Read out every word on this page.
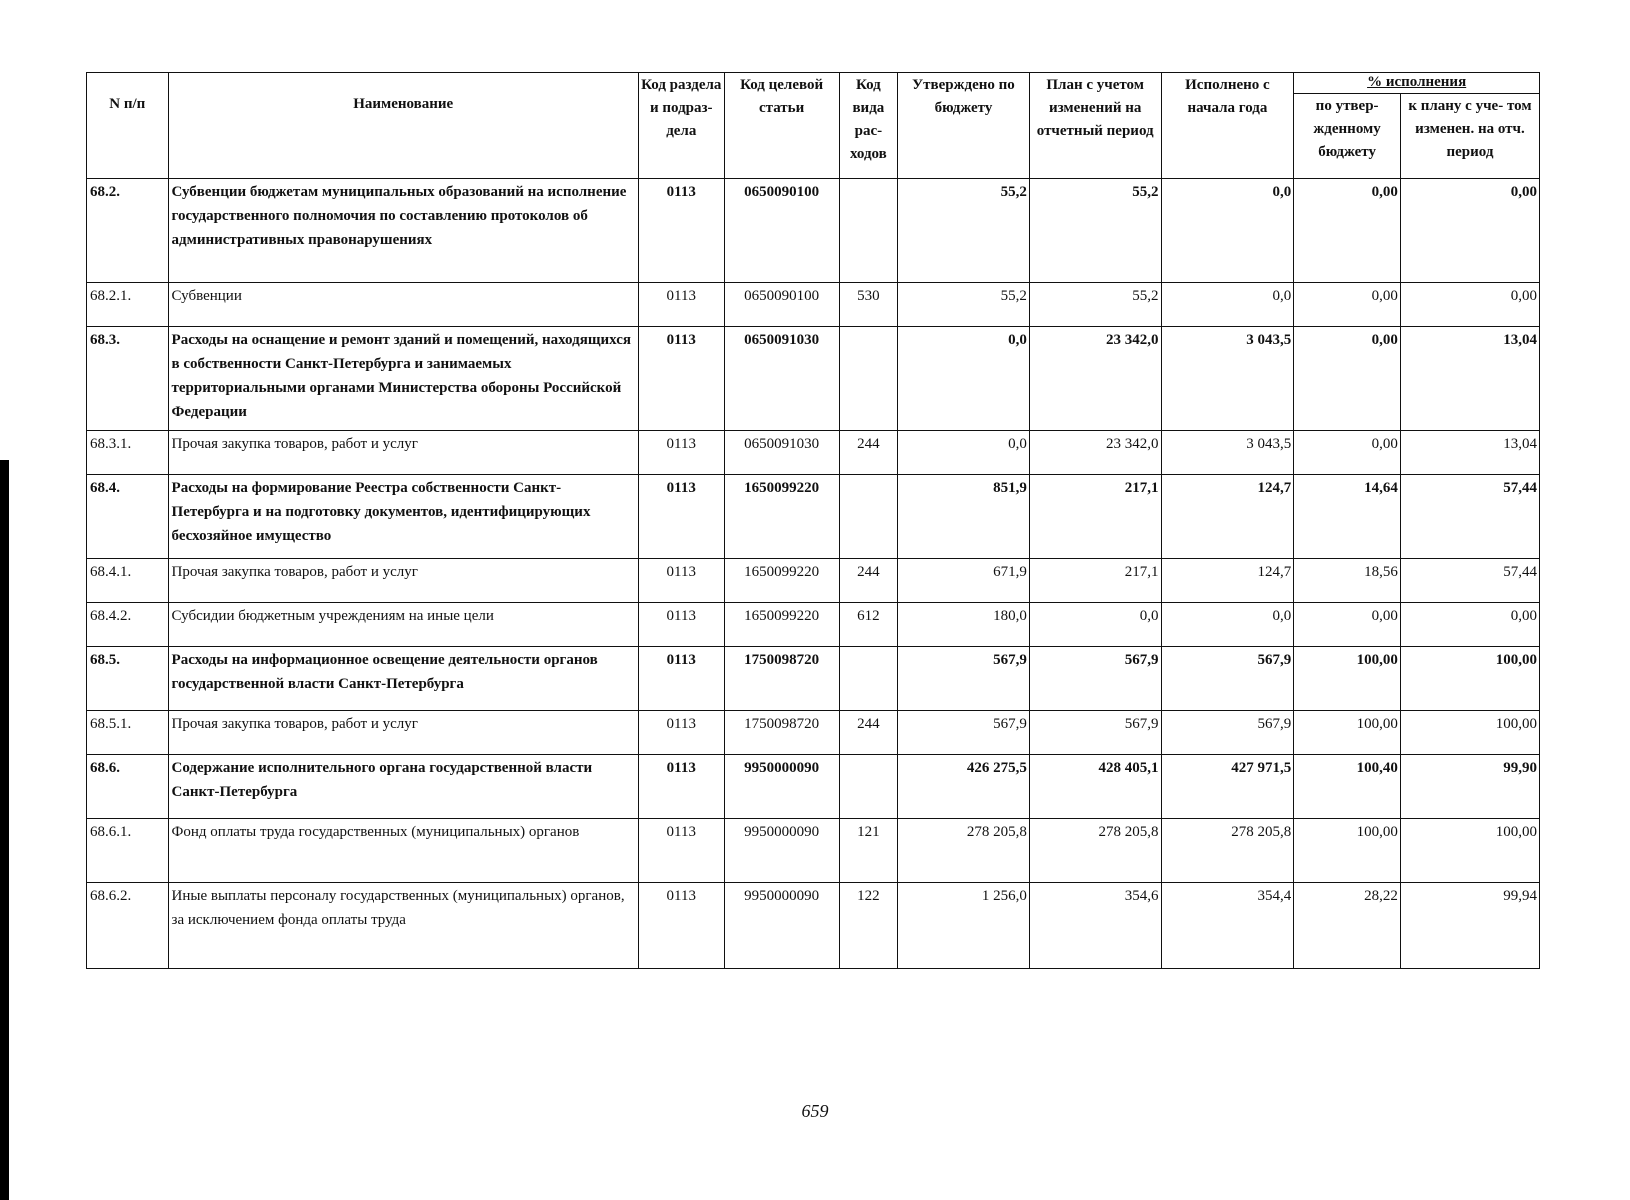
N п/п	Наименование	Код раздела и подраз- дела	Код целевой статьи	Код вида рас- ходов	Утверждено по бюджету	План с учетом изменений на отчетный период	Исполнено с начала года	% исполнения	
								по утвер- жденному бюджету	к плану с уче- том изменен. на отч. период
68.2.	Субвенции бюджетам муниципальных образований на исполнение государственного полномочия по составлению протоколов об административных правонарушениях	0113	0650090100		55,2	55,2	0,0	0,00	0,00
68.2.1.	Субвенции	0113	0650090100	530	55,2	55,2	0,0	0,00	0,00
68.3.	Расходы на оснащение и ремонт зданий и помещений, находящихся в собственности Санкт-Петербурга и занимаемых территориальными органами Министерства обороны Российской Федерации	0113	0650091030		0,0	23 342,0	3 043,5	0,00	13,04
68.3.1.	Прочая закупка товаров, работ и услуг	0113	0650091030	244	0,0	23 342,0	3 043,5	0,00	13,04
68.4.	Расходы на формирование Реестра собственности Санкт-Петербурга и на подготовку документов, идентифицирующих бесхозяйное имущество	0113	1650099220		851,9	217,1	124,7	14,64	57,44
68.4.1.	Прочая закупка товаров, работ и услуг	0113	1650099220	244	671,9	217,1	124,7	18,56	57,44
68.4.2.	Субсидии бюджетным учреждениям на иные цели	0113	1650099220	612	180,0	0,0	0,0	0,00	0,00
68.5.	Расходы на информационное освещение деятельности органов государственной власти Санкт-Петербурга	0113	1750098720		567,9	567,9	567,9	100,00	100,00
68.5.1.	Прочая закупка товаров, работ и услуг	0113	1750098720	244	567,9	567,9	567,9	100,00	100,00
68.6.	Содержание исполнительного органа государственной власти Санкт-Петербурга	0113	9950000090		426 275,5	428 405,1	427 971,5	100,40	99,90
68.6.1.	Фонд оплаты труда государственных (муниципальных) органов	0113	9950000090	121	278 205,8	278 205,8	278 205,8	100,00	100,00
68.6.2.	Иные выплаты персоналу государственных (муниципальных) органов, за исключением фонда оплаты труда	0113	9950000090	122	1 256,0	354,6	354,4	28,22	99,94
659
